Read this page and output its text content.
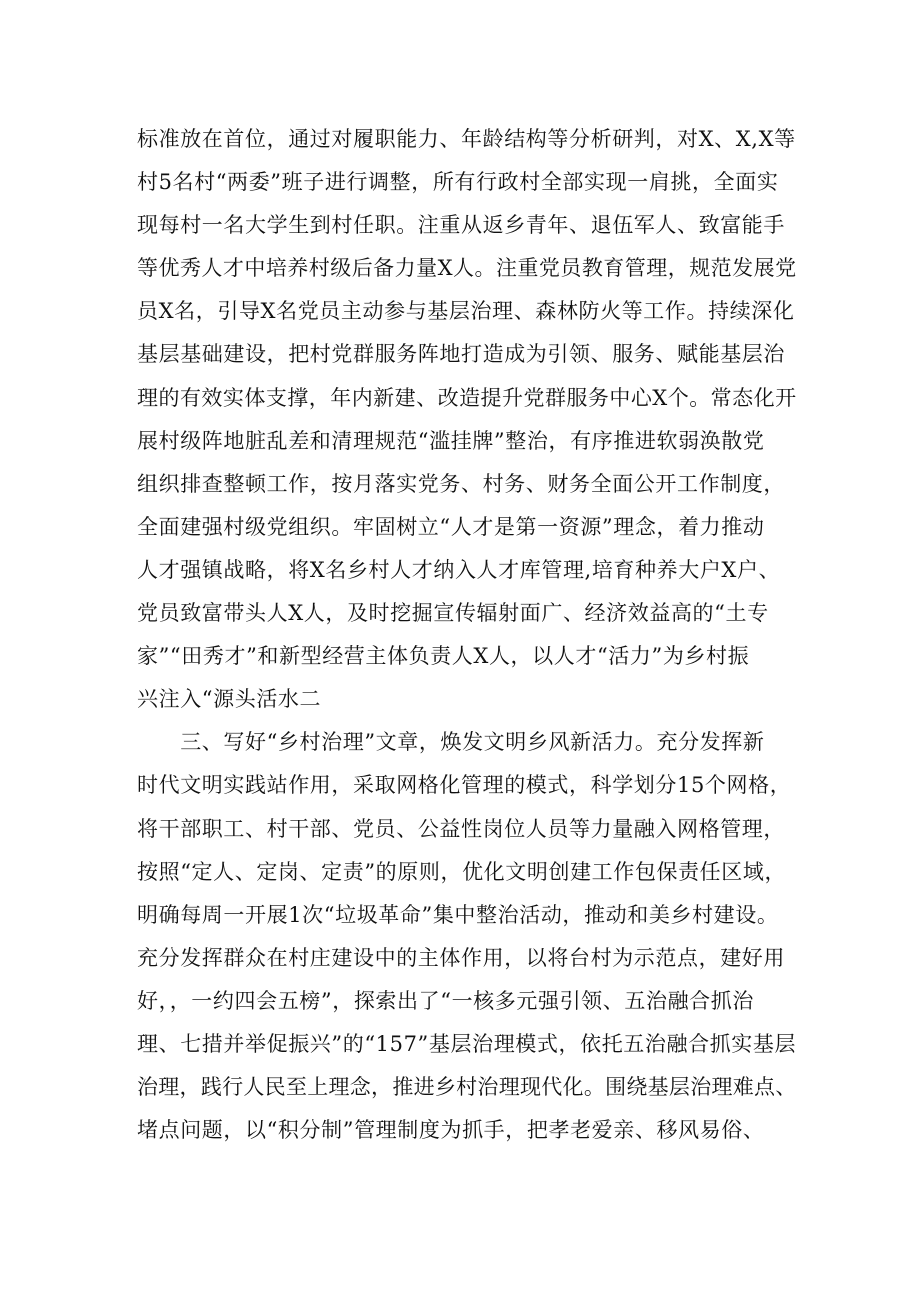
标准放在首位，通过对履职能力、年龄结构等分析研判，对X、X,X等
村5名村“两委”班子进行调整，所有行政村全部实现一肩挑，全面实
现每村一名大学生到村任职。注重从返乡青年、退伍军人、致富能手
等优秀人才中培养村级后备力量X人。注重党员教育管理，规范发展党
员X名，引导X名党员主动参与基层治理、森林防火等工作。持续深化
基层基础建设，把村党群服务阵地打造成为引领、服务、赋能基层治
理的有效实体支撑，年内新建、改造提升党群服务中心X个。常态化开
展村级阵地脏乱差和清理规范“滥挂牌”整治，有序推进软弱涣散党
组织排查整顿工作，按月落实党务、村务、财务全面公开工作制度，
全面建强村级党组织。牢固树立“人才是第一资源”理念，着力推动
人才强镇战略，将X名乡村人才纳入人才库管理,培育种养大户X户、
党员致富带头人X人，及时挖掘宣传辐射面广、经济效益高的“土专
家”“田秀才”和新型经营主体负责人X人，以人才“活力”为乡村振
兴注入“源头活水二
　　三、写好“乡村治理”文章，焕发文明乡风新活力。充分发挥新
时代文明实践站作用，采取网格化管理的模式，科学划分15个网格，
将干部职工、村干部、党员、公益性岗位人员等力量融入网格管理，
按照“定人、定岗、定责”的原则，优化文明创建工作包保责任区域，
明确每周一开展1次“垃圾革命”集中整治活动，推动和美乡村建设。
充分发挥群众在村庄建设中的主体作用，以将台村为示范点，建好用
好，，一约四会五榜”，探索出了“一核多元强引领、五治融合抓治
理、七措并举促振兴”的“157”基层治理模式，依托五治融合抓实基层
治理，践行人民至上理念，推进乡村治理现代化。围绕基层治理难点、
堵点问题，以“积分制”管理制度为抓手，把孝老爱亲、移风易俗、
